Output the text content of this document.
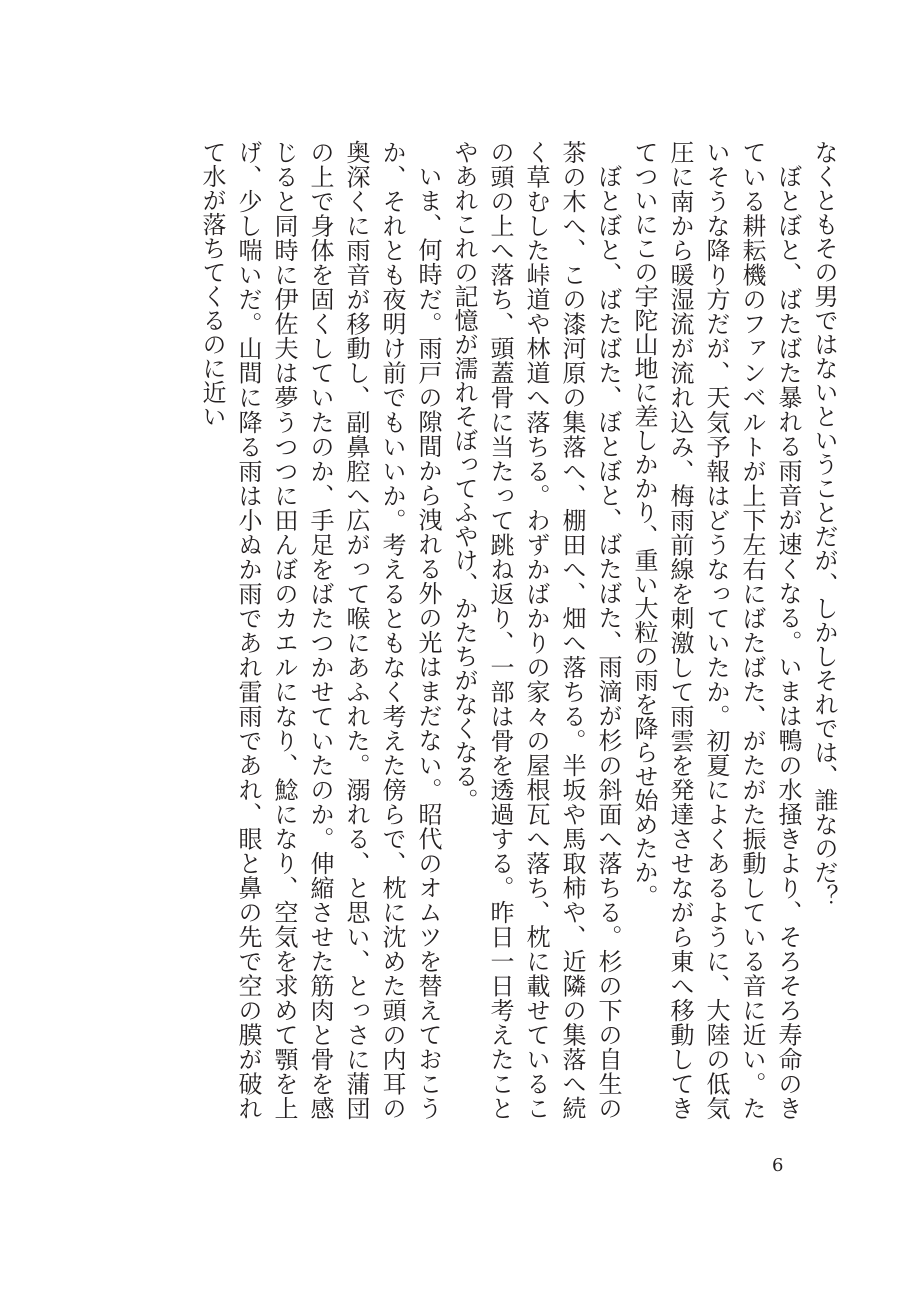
なくともその男ではないということだが、しかしそれでは、誰なのだ？

ぼとぼと、ばたばた暴れる雨音が速くなる。いまは鴨の水掻きより、そろそろ寿命のきている耕耘機のファンベルトが上下左右にばたばた、がたがた振動している音に近い。たいそうな降り方だが、天気予報はどうなっていたか。初夏によくあるように、大陸の低気圧に南から暖湿流が流れ込み、梅雨前線を刺激して雨雲を発達させながら東へ移動してきてついにこの宇陀山地に差しかかり、重い大粒の雨を降らせ始めたか。

ぼとぼと、ばたばた、ぼとぼと、ばたばた、雨滴が杉の斜面へ落ちる。杉の下の自生の茶の木へ、この漆河原の集落へ、棚田へ、畑へ落ちる。半坂や馬取柿や、近隣の集落へ続く草むした峠道や林道へ落ちる。わずかばかりの家々の屋根瓦へ落ち、枕に載せているこの頭の上へ落ち、頭蓋骨に当たって跳ね返り、一部は骨を透過する。昨日一日考えたことやあれこれの記憶が濡れそぼってふやけ、かたちがなくなる。

いま、何時だ。雨戸の隙間から洩れる外の光はまだない。昭代のオムツを替えておこうか、それとも夜明け前でもいいか。考えるともなく考えた傍らで、枕に沈めた頭の内耳の奥深くに雨音が移動し、副鼻腔へ広がって喉にあふれた。溺れる、と思い、とっさに蒲団の上で身体を固くしていたのか、手足をばたつかせていたのか。伸縮させた筋肉と骨を感じると同時に伊佐夫は夢うつつに田んぼのカエルになり、鯰になり、空気を求めて顎を上げ、少し喘いだ。山間に降る雨は小ぬか雨であれ雷雨であれ、眼と鼻の先で空の膜が破れて水が落ちてくるのに近い

6
